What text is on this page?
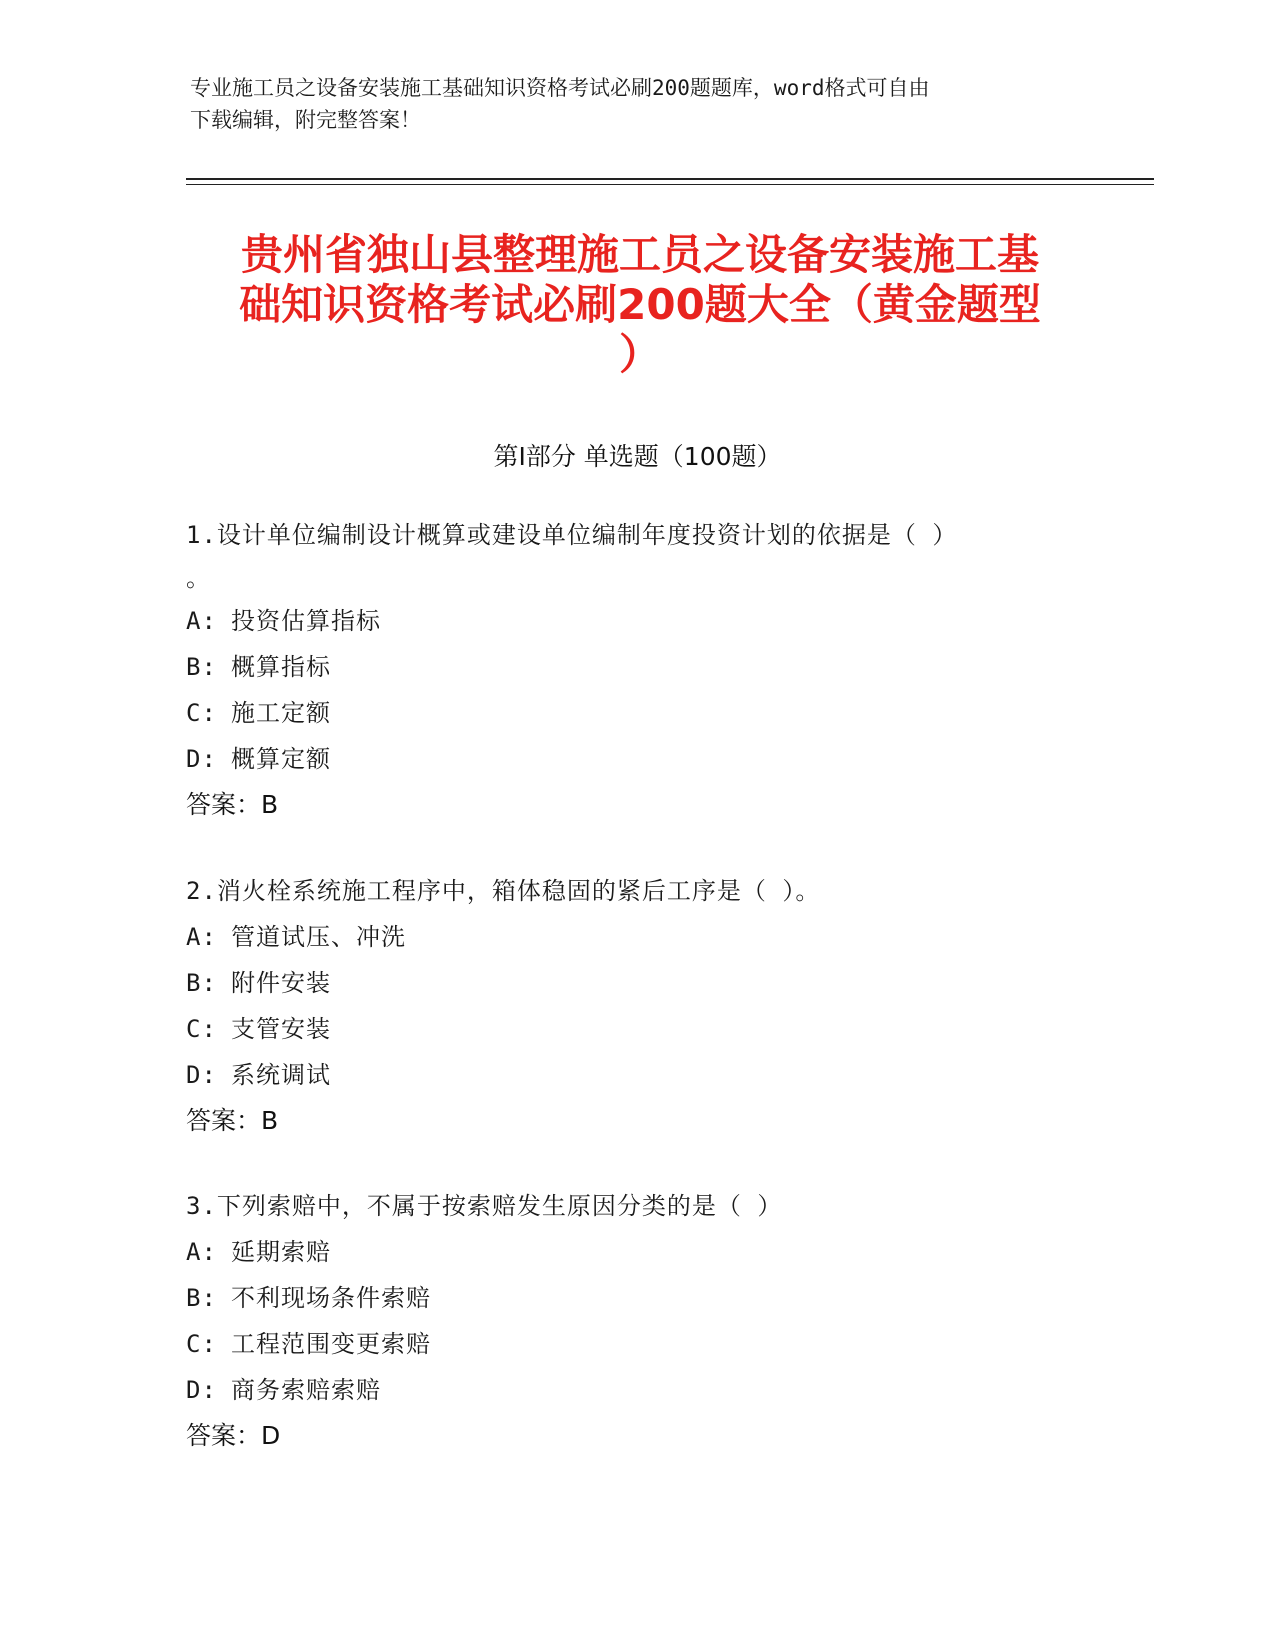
专业施工员之设备安装施工基础知识资格考试必刷200题题库，word格式可自由
下载编辑，附完整答案！
贵州省独山县整理施工员之设备安装施工基
础知识资格考试必刷200题大全（黄金题型
）
第Ⅰ部分 单选题（100题）
1.设计单位编制设计概算或建设单位编制年度投资计划的依据是（ ）
。
A: 投资估算指标
B: 概算指标
C: 施工定额
D: 概算定额
答案：B
2.消火栓系统施工程序中，箱体稳固的紧后工序是（ ）。
A: 管道试压、冲洗
B: 附件安装
C: 支管安装
D: 系统调试
答案：B
3.下列索赔中，不属于按索赔发生原因分类的是（ ）
A: 延期索赔
B: 不利现场条件索赔
C: 工程范围变更索赔
D: 商务索赔索赔
答案：D
